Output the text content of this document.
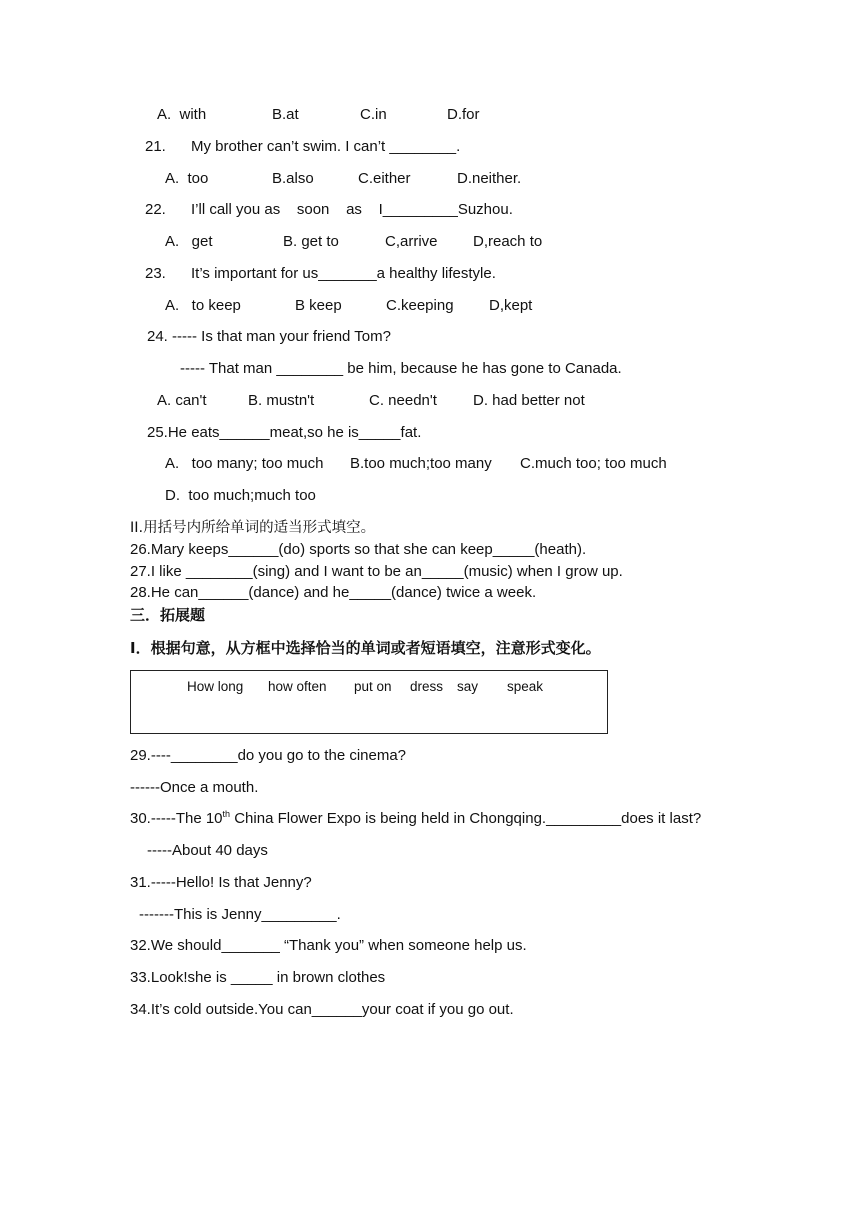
A.  with	B.at	C.in	D.for
21. My brother can’t swim. I can’t ________.
A.  too	B.also	C.either	D.neither.
22. I’ll call you as    soon    as    I_________Suzhou.
A.   get	B. get to	C,arrive D,reach to
23. It’s important for us_______a healthy lifestyle.
A.   to keep	B keep	C.keeping D,kept
24. ----- Is that man your friend Tom?
----- That man ________ be him, because he has gone to Canada.
A. can't	B. mustn't	C. needn't D. had better not
25.He eats______meat,so he is_____fat.
A.   too many; too much B.too much;too many C.much too; too much
D.  too much;much too
II.用括号内所给单词的适当形式填空。
26.Mary keeps______(do) sports so that she can keep_____(heath).
27.I like ________(sing) and I want to be an_____(music) when I grow up.
28.He can______(dance) and he_____(dance) twice a week.
三．拓展题
I．根据句意，从方框中选择恰当的单词或者短语填空，注意形式变化。
How long how often put on dress say speak
29.----________do you go to the cinema?
------Once a mouth.
30.-----The 10th China Flower Expo is being held in Chongqing._________does it last?
-----About 40 days
31.-----Hello! Is that Jenny?
-------This is Jenny_________.
32.We should_______ “Thank you” when someone help us.
33.Look!she is _____ in brown clothes
34.It’s cold outside.You can______your coat if you go out.
